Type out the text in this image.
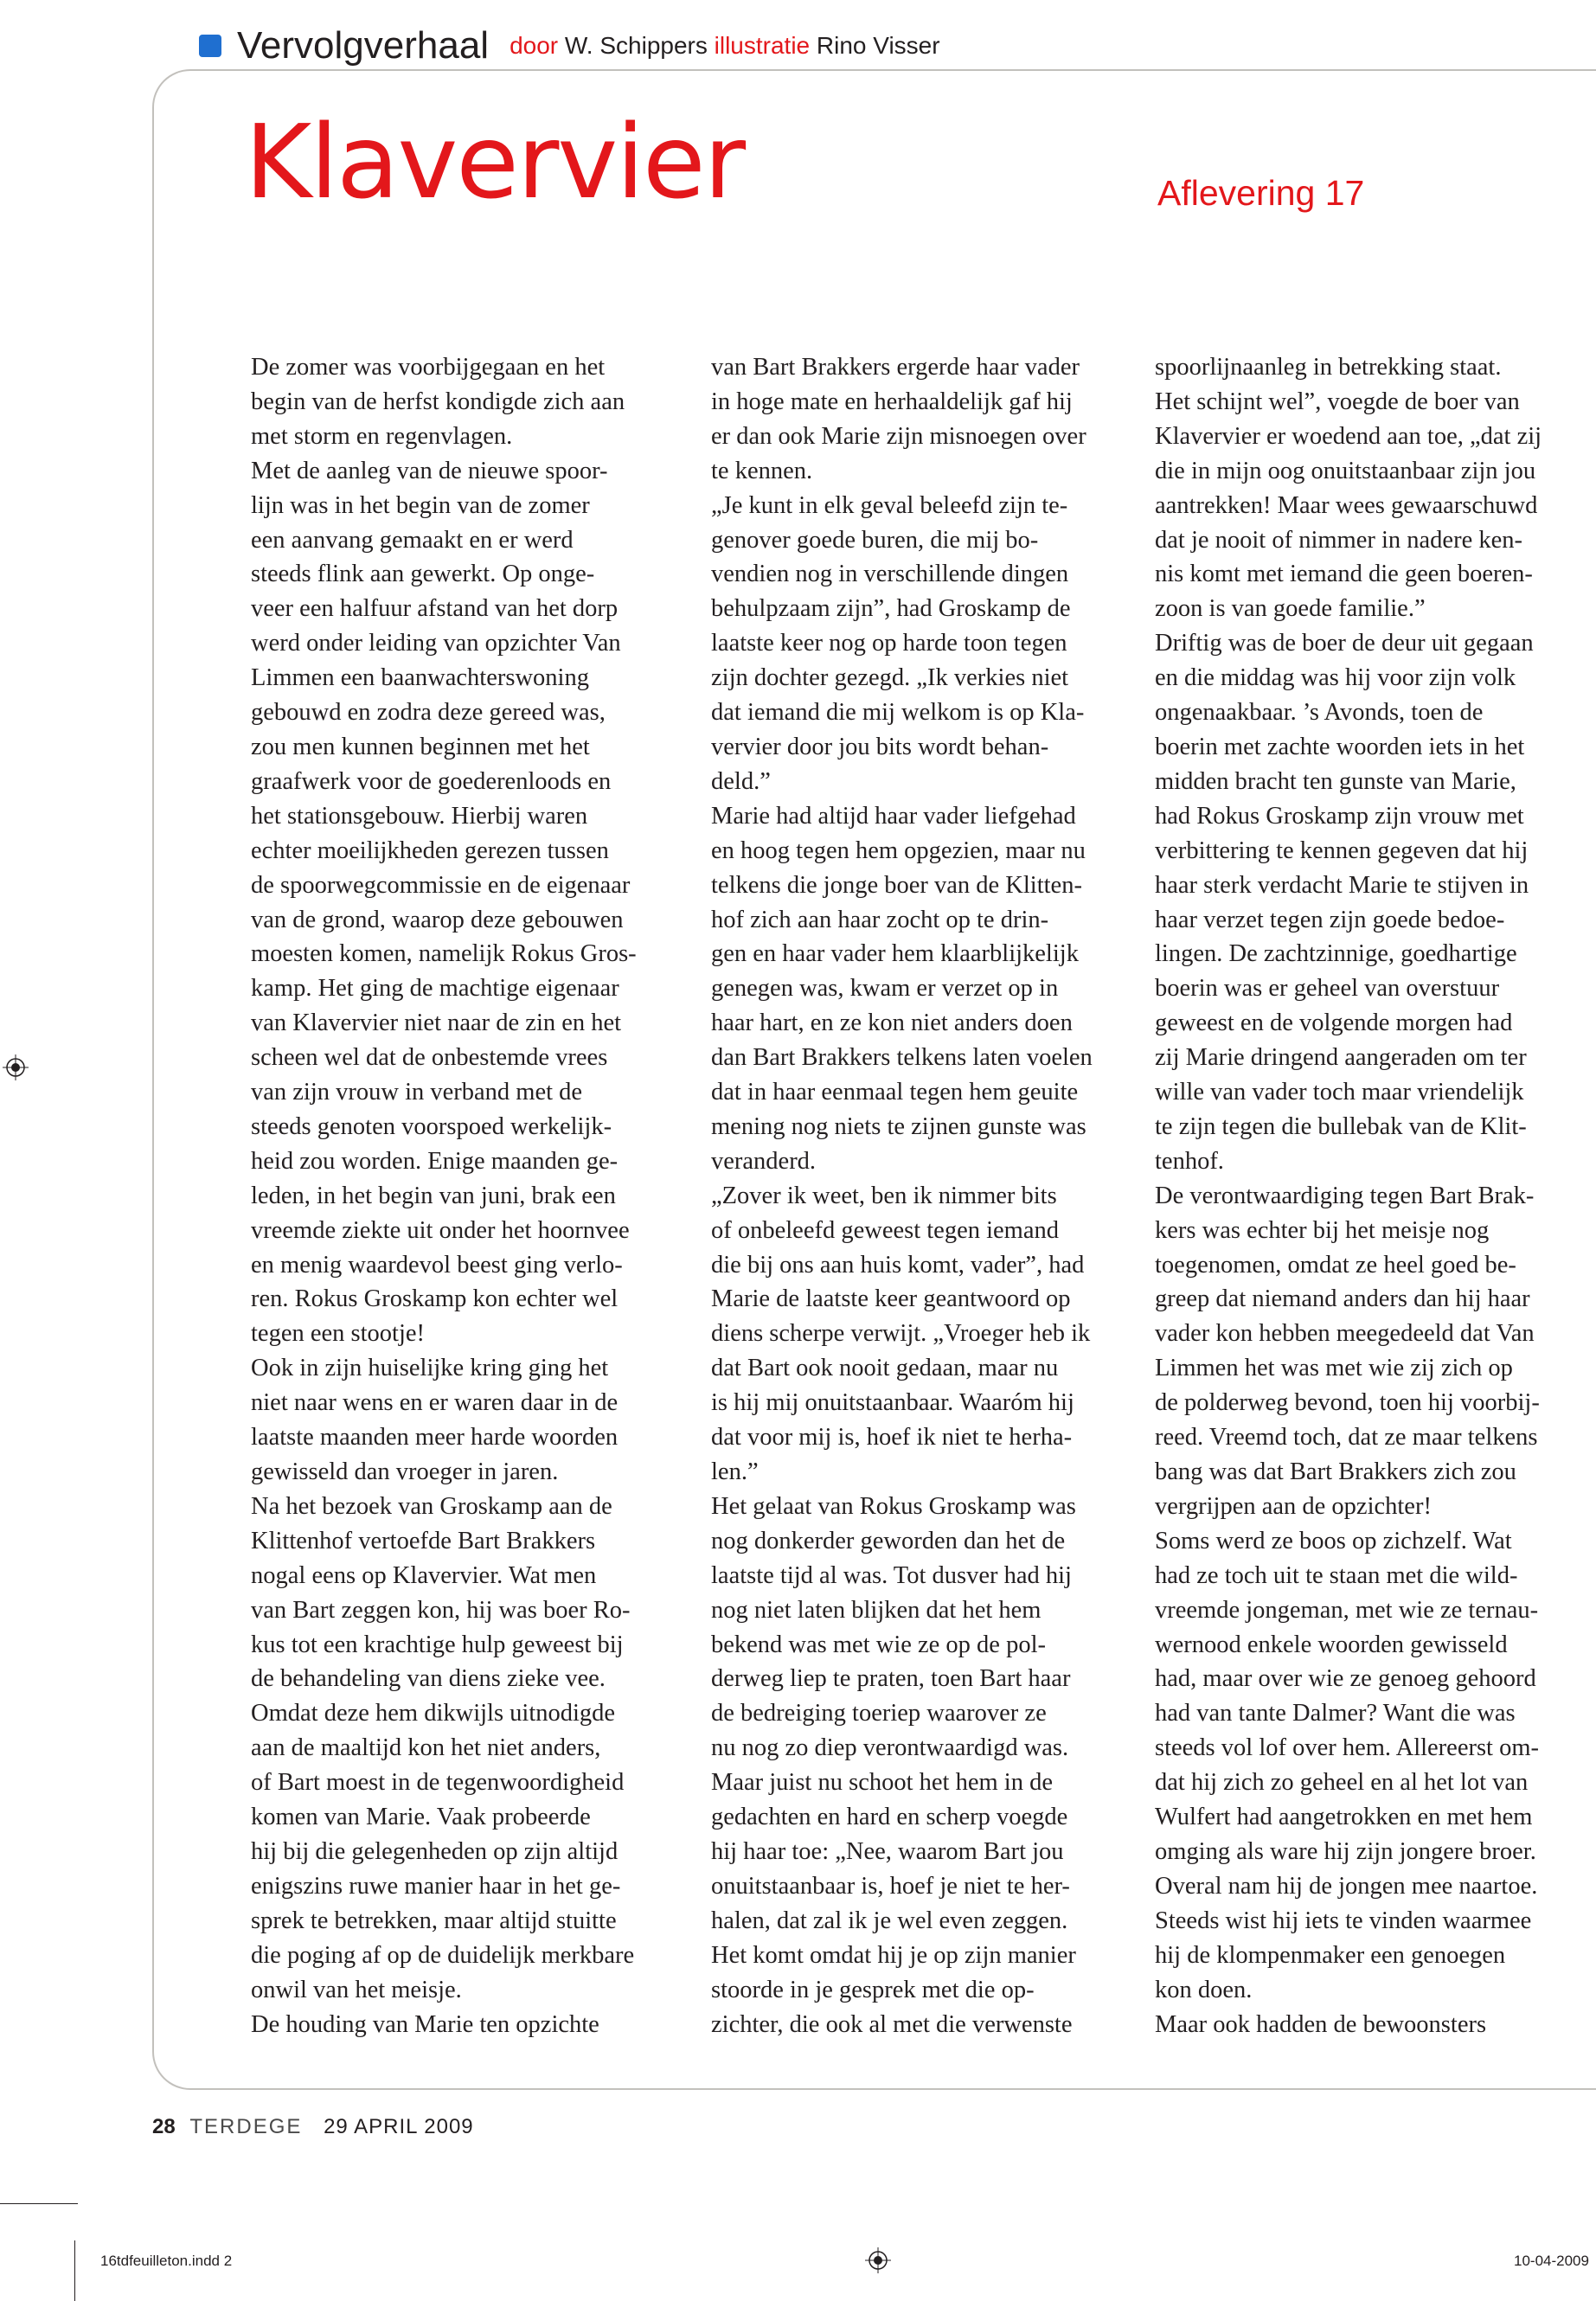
Vervolgverhaal door W. Schippers illustratie Rino Visser
Klavervier	Aflevering 17
De zomer was voorbijgegaan en het
begin van de herfst kondigde zich aan
met storm en regenvlagen.
Met de aanleg van de nieuwe spoor-
lijn was in het begin van de zomer
een aanvang gemaakt en er werd
steeds flink aan gewerkt. Op onge-
veer een halfuur afstand van het dorp
werd onder leiding van opzichter Van
Limmen een baanwachterswoning
gebouwd en zodra deze gereed was,
zou men kunnen beginnen met het
graafwerk voor de goederenloods en
het stationsgebouw. Hierbij waren
echter moeilijkheden gerezen tussen
de spoorwegcommissie en de eigenaar
van de grond, waarop deze gebouwen
moesten komen, namelijk Rokus Gros-
kamp. Het ging de machtige eigenaar
van Klavervier niet naar de zin en het
scheen wel dat de onbestemde vrees
van zijn vrouw in verband met de
steeds genoten voorspoed werkelijk-
heid zou worden. Enige maanden ge-
leden, in het begin van juni, brak een
vreemde ziekte uit onder het hoornvee
en menig waardevol beest ging verlo-
ren. Rokus Groskamp kon echter wel
tegen een stootje!
Ook in zijn huiselijke kring ging het
niet naar wens en er waren daar in de
laatste maanden meer harde woorden
gewisseld dan vroeger in jaren.
Na het bezoek van Groskamp aan de
Klittenhof vertoefde Bart Brakkers
nogal eens op Klavervier. Wat men
van Bart zeggen kon, hij was boer Ro-
kus tot een krachtige hulp geweest bij
de behandeling van diens zieke vee.
Omdat deze hem dikwijls uitnodigde
aan de maaltijd kon het niet anders,
of Bart moest in de tegenwoordigheid
komen van Marie. Vaak probeerde
hij bij die gelegenheden op zijn altijd
enigszins ruwe manier haar in het ge-
sprek te betrekken, maar altijd stuitte
die poging af op de duidelijk merkbare
onwil van het meisje.
De houding van Marie ten opzichte
van Bart Brakkers ergerde haar vader
in hoge mate en herhaaldelijk gaf hij
er dan ook Marie zijn misnoegen over
te kennen.
„Je kunt in elk geval beleefd zijn te-
genover goede buren, die mij bo-
vendien nog in verschillende dingen
behulpzaam zijn”, had Groskamp de
laatste keer nog op harde toon tegen
zijn dochter gezegd. „Ik verkies niet
dat iemand die mij welkom is op Kla-
vervier door jou bits wordt behan-
deld.”
Marie had altijd haar vader liefgehad
en hoog tegen hem opgezien, maar nu
telkens die jonge boer van de Klitten-
hof zich aan haar zocht op te drin-
gen en haar vader hem klaarblijkelijk
genegen was, kwam er verzet op in
haar hart, en ze kon niet anders doen
dan Bart Brakkers telkens laten voelen
dat in haar eenmaal tegen hem geuite
mening nog niets te zijnen gunste was
veranderd.
„Zover ik weet, ben ik nimmer bits
of onbeleefd geweest tegen iemand
die bij ons aan huis komt, vader”, had
Marie de laatste keer geantwoord op
diens scherpe verwijt. „Vroeger heb ik
dat Bart ook nooit gedaan, maar nu
is hij mij onuitstaanbaar. Waaróm hij
dat voor mij is, hoef ik niet te herha-
len.”
Het gelaat van Rokus Groskamp was
nog donkerder geworden dan het de
laatste tijd al was. Tot dusver had hij
nog niet laten blijken dat het hem
bekend was met wie ze op de pol-
derweg liep te praten, toen Bart haar
de bedreiging toeriep waarover ze
nu nog zo diep verontwaardigd was.
Maar juist nu schoot het hem in de
gedachten en hard en scherp voegde
hij haar toe: „Nee, waarom Bart jou
onuitstaanbaar is, hoef je niet te her-
halen, dat zal ik je wel even zeggen.
Het komt omdat hij je op zijn manier
stoorde in je gesprek met die op-
zichter, die ook al met die verwenste
spoorlijnaanleg in betrekking staat.
Het schijnt wel”, voegde de boer van
Klavervier er woedend aan toe, „dat zij
die in mijn oog onuitstaanbaar zijn jou
aantrekken! Maar wees gewaarschuwd
dat je nooit of nimmer in nadere ken-
nis komt met iemand die geen boeren-
zoon is van goede familie.”
Driftig was de boer de deur uit gegaan
en die middag was hij voor zijn volk
ongenaakbaar. ’s Avonds, toen de
boerin met zachte woorden iets in het
midden bracht ten gunste van Marie,
had Rokus Groskamp zijn vrouw met
verbittering te kennen gegeven dat hij
haar sterk verdacht Marie te stijven in
haar verzet tegen zijn goede bedoe-
lingen. De zachtzinnige, goedhartige
boerin was er geheel van overstuur
geweest en de volgende morgen had
zij Marie dringend aangeraden om ter
wille van vader toch maar vriendelijk
te zijn tegen die bullebak van de Klit-
tenhof.
De verontwaardiging tegen Bart Brak-
kers was echter bij het meisje nog
toegenomen, omdat ze heel goed be-
greep dat niemand anders dan hij haar
vader kon hebben meegedeeld dat Van
Limmen het was met wie zij zich op
de polderweg bevond, toen hij voorbij-
reed. Vreemd toch, dat ze maar telkens
bang was dat Bart Brakkers zich zou
vergrijpen aan de opzichter!
Soms werd ze boos op zichzelf. Wat
had ze toch uit te staan met die wild-
vreemde jongeman, met wie ze ternau-
wernood enkele woorden gewisseld
had, maar over wie ze genoeg gehoord
had van tante Dalmer? Want die was
steeds vol lof over hem. Allereerst om-
dat hij zich zo geheel en al het lot van
Wulfert had aangetrokken en met hem
omging als ware hij zijn jongere broer.
Overal nam hij de jongen mee naartoe.
Steeds wist hij iets te vinden waarmee
hij de klompenmaker een genoegen
kon doen.
Maar ook hadden de bewoonsters
28 TERDEGE 29 APRIL 2009
16tdfeuilleton.indd 2	10-04-2009
